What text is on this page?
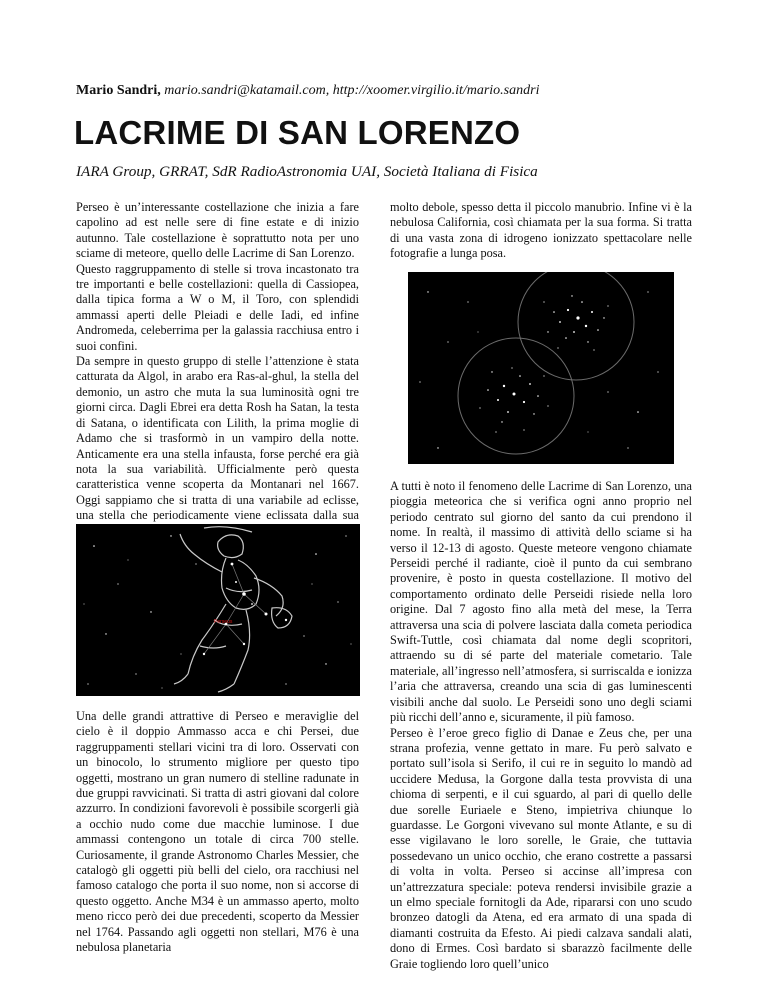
Mario Sandri, mario.sandri@katamail.com, http://xoomer.virgilio.it/mario.sandri
LACRIME DI SAN LORENZO
IARA Group, GRRAT, SdR RadioAstronomia UAI, Società Italiana di Fisica

Perseo è un’interessante costellazione che inizia a fare capolino ad est nelle sere di fine estate e di inizio autunno. Tale costellazione è soprattutto nota per uno sciame di meteore, quello delle Lacrime di San Lorenzo.

Questo raggruppamento di stelle si trova incastonato tra tre importanti e belle costellazioni: quella di Cassiopea, dalla tipica forma a W o M, il Toro, con splendidi ammassi aperti delle Pleiadi e delle Iadi, ed infine Andromeda, celeberrima per la galassia racchiusa entro i suoi confini.

Da sempre in questo gruppo di stelle l’attenzione è stata catturata da Algol, in arabo era Ras-al-ghul, la stella del demonio, un astro che muta la sua luminosità ogni tre giorni circa. Dagli Ebrei era detta Rosh ha Satan, la testa di Satana, o identificata con Lilith, la prima moglie di Adamo che si trasformò in un vampiro della notte. Anticamente era una stella infausta, forse perché era già nota la sua variabilità. Ufficialmente però questa caratteristica venne scoperta da Montanari nel 1667. Oggi sappiamo che si tratta di una variabile ad eclisse, una stella che periodicamente viene eclissata dalla sua

Perseus

Una delle grandi attrattive di Perseo e meraviglie del cielo è il doppio Ammasso acca e chi Persei, due raggruppamenti stellari vicini tra di loro. Osservati con un binocolo, lo strumento migliore per questo tipo oggetti, mostrano un gran numero di stelline radunate in due gruppi ravvicinati. Si tratta di astri giovani dal colore azzurro. In condizioni favorevoli è possibile scorgerli già a occhio nudo come due macchie luminose. I due ammassi contengono un totale di circa 700 stelle. Curiosamente, il grande Astronomo Charles Messier, che catalogò gli oggetti più belli del cielo, ora racchiusi nel famoso catalogo che porta il suo nome, non si accorse di questo oggetto. Anche M34 è un ammasso aperto, molto meno ricco però dei due precedenti, scoperto da Messier nel 1764. Passando agli oggetti non stellari, M76 è una nebulosa planetaria

molto debole, spesso detta il piccolo manubrio. Infine vi è la nebulosa California, così chiamata per la sua forma. Si tratta di una vasta zona di idrogeno ionizzato spettacolare nelle fotografie a lunga posa.

A tutti è noto il fenomeno delle Lacrime di San Lorenzo, una pioggia meteorica che si verifica ogni anno proprio nel periodo centrato sul giorno del santo da cui prendono il nome. In realtà, il massimo di attività dello sciame si ha verso il 12-13 di agosto. Queste meteore vengono chiamate Perseidi perché il radiante, cioè il punto da cui sembrano provenire, è posto in questa costellazione. Il motivo del comportamento ordinato delle Perseidi risiede nella loro origine. Dal 7 agosto fino alla metà del mese, la Terra attraversa una scia di polvere lasciata dalla cometa periodica Swift-Tuttle, così chiamata dal nome degli scopritori, attraendo su di sé parte del materiale cometario. Tale materiale, all’ingresso nell’atmosfera, si surriscalda e ionizza l’aria che attraversa, creando una scia di gas luminescenti visibili anche dal suolo. Le Perseidi sono uno degli sciami più ricchi dell’anno e, sicuramente, il più famoso.

Perseo è l’eroe greco figlio di Danae e Zeus che, per una strana profezia, venne gettato in mare. Fu però salvato e portato sull’isola si Serifo, il cui re in seguito lo mandò ad uccidere Medusa, la Gorgone dalla testa provvista di una chioma di serpenti, e il cui sguardo, al pari di quello delle due sorelle Euriaele e Steno, impietriva chiunque lo guardasse. Le Gorgoni vivevano sul monte Atlante, e su di esse vigilavano le loro sorelle, le Graie, che tuttavia possedevano un unico occhio, che erano costrette a passarsi di volta in volta. Perseo si accinse all’impresa con un’attrezzatura speciale: poteva rendersi invisibile grazie a un elmo speciale fornitogli da Ade, ripararsi con uno scudo bronzeo datogli da Atena, ed era armato di una spada di diamanti costruita da Efesto. Ai piedi calzava sandali alati, dono di Ermes. Così bardato si sbarazzò facilmente delle Graie togliendo loro quell’unico
